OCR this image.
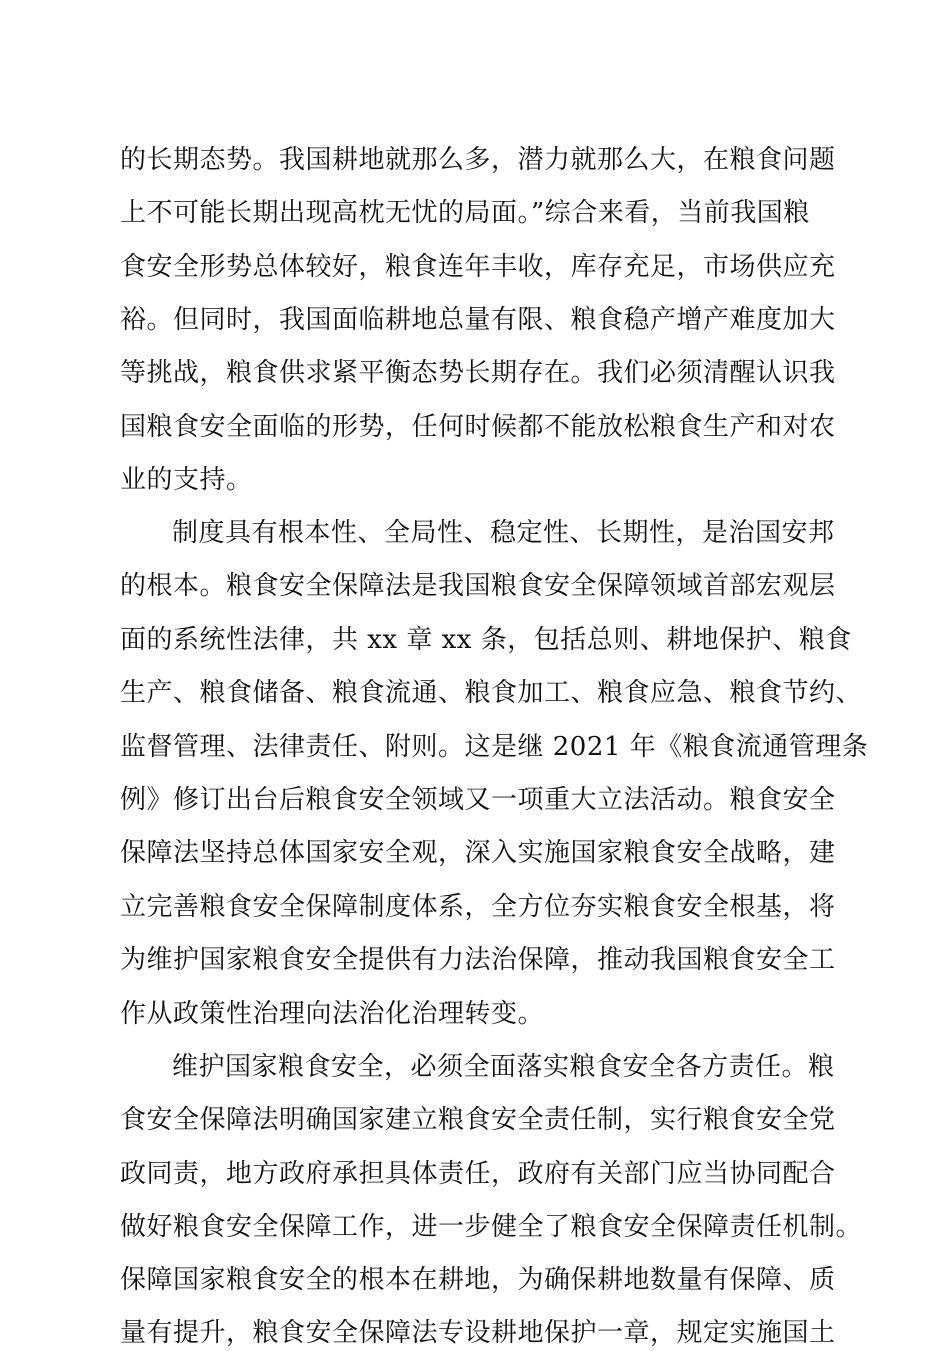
的长期态势。我国耕地就那么多，潜力就那么大，在粮食问题
上不可能长期出现高枕无忧的局面。”综合来看，当前我国粮
食安全形势总体较好，粮食连年丰收，库存充足，市场供应充
裕。但同时，我国面临耕地总量有限、粮食稳产增产难度加大
等挑战，粮食供求紧平衡态势长期存在。我们必须清醒认识我
国粮食安全面临的形势，任何时候都不能放松粮食生产和对农
业的支持。
制度具有根本性、全局性、稳定性、长期性，是治国安邦
的根本。粮食安全保障法是我国粮食安全保障领域首部宏观层
面的系统性法律，共 xx 章 xx 条，包括总则、耕地保护、粮食
生产、粮食储备、粮食流通、粮食加工、粮食应急、粮食节约、
监督管理、法律责任、附则。这是继 2021 年《粮食流通管理条
例》修订出台后粮食安全领域又一项重大立法活动。粮食安全
保障法坚持总体国家安全观，深入实施国家粮食安全战略，建
立完善粮食安全保障制度体系，全方位夯实粮食安全根基，将
为维护国家粮食安全提供有力法治保障，推动我国粮食安全工
作从政策性治理向法治化治理转变。
维护国家粮食安全，必须全面落实粮食安全各方责任。粮
食安全保障法明确国家建立粮食安全责任制，实行粮食安全党
政同责，地方政府承担具体责任，政府有关部门应当协同配合
做好粮食安全保障工作，进一步健全了粮食安全保障责任机制。
保障国家粮食安全的根本在耕地，为确保耕地数量有保障、质
量有提升，粮食安全保障法专设耕地保护一章，规定实施国土
